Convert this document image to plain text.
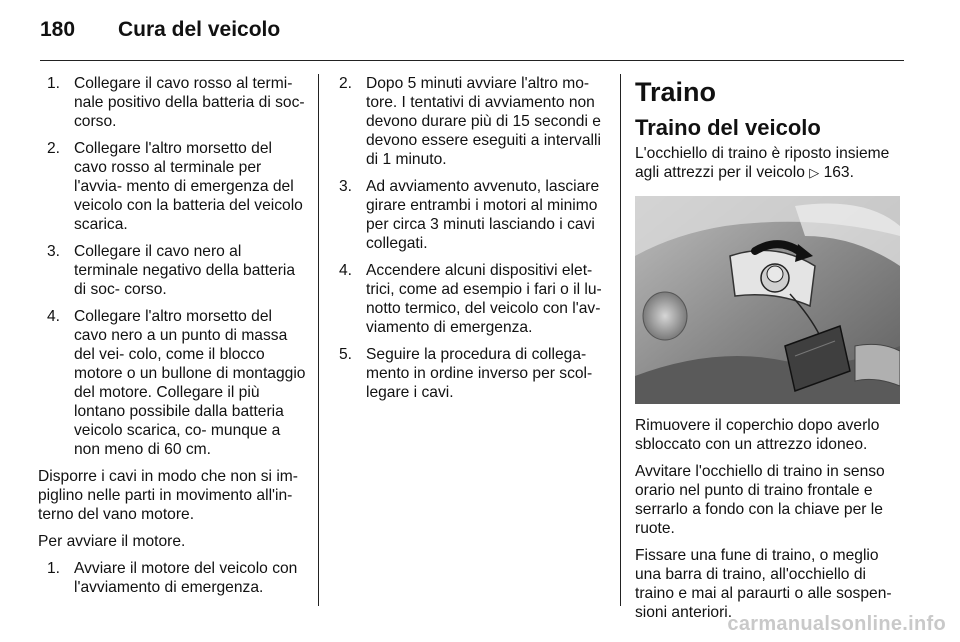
180 Cura del veicolo
1. Collegare il cavo rosso al termi- nale positivo della batteria di soc- corso.
2. Collegare l'altro morsetto del cavo rosso al terminale per l'avvia- mento di emergenza del veicolo con la batteria del veicolo scarica.
3. Collegare il cavo nero al terminale negativo della batteria di soc- corso.
4. Collegare l'altro morsetto del cavo nero a un punto di massa del vei- colo, come il blocco motore o un bullone di montaggio del motore. Collegare il più lontano possibile dalla batteria veicolo scarica, co- munque a non meno di 60 cm.

Disporre i cavi in modo che non si im- piglino nelle parti in movimento all'in- terno del vano motore.

Per avviare il motore.

1. Avviare il motore del veicolo con l'avviamento di emergenza.
2. Dopo 5 minuti avviare l'altro mo- tore. I tentativi di avviamento non devono durare più di 15 secondi e devono essere eseguiti a intervalli di 1 minuto.
3. Ad avviamento avvenuto, lasciare girare entrambi i motori al minimo per circa 3 minuti lasciando i cavi collegati.
4. Accendere alcuni dispositivi elet- trici, come ad esempio i fari o il lu- notto termico, del veicolo con l'av- viamento di emergenza.
5. Seguire la procedura di collega- mento in ordine inverso per scol- legare i cavi.
Traino
Traino del veicolo

L'occhiello di traino è riposto insieme agli attrezzi per il veicolo ▷ 163.

Rimuovere il coperchio dopo averlo sbloccato con un attrezzo idoneo.

Avvitare l'occhiello di traino in senso orario nel punto di traino frontale e serrarlo a fondo con la chiave per le ruote.

Fissare una fune di traino, o meglio una barra di traino, all'occhiello di traino e mai al paraurti o alle sospen- sioni anteriori.

carmanualsonline.info
